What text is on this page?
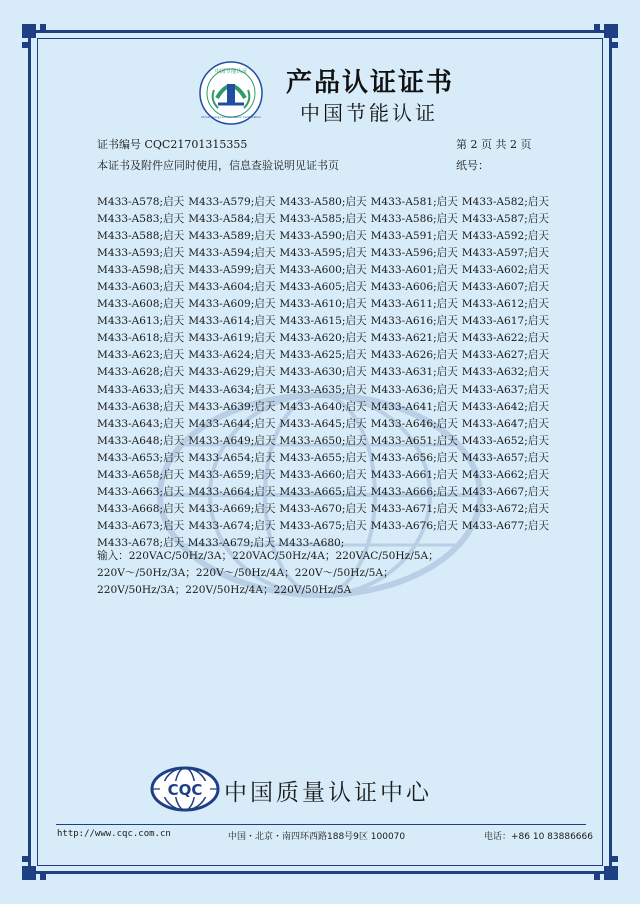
中国节能认证
China Energy Conservation Certification
产品认证证书
中国节能认证
证书编号 CQC21701315355	第 2 页 共 2 页
本证书及附件应同时使用，信息查验说明见证书页	纸号：
M433-A578;启天 M433-A579;启天 M433-A580;启天 M433-A581;启天 M433-A582;启天
M433-A583;启天 M433-A584;启天 M433-A585;启天 M433-A586;启天 M433-A587;启天
M433-A588;启天 M433-A589;启天 M433-A590;启天 M433-A591;启天 M433-A592;启天
M433-A593;启天 M433-A594;启天 M433-A595;启天 M433-A596;启天 M433-A597;启天
M433-A598;启天 M433-A599;启天 M433-A600;启天 M433-A601;启天 M433-A602;启天
M433-A603;启天 M433-A604;启天 M433-A605;启天 M433-A606;启天 M433-A607;启天
M433-A608;启天 M433-A609;启天 M433-A610;启天 M433-A611;启天 M433-A612;启天
M433-A613;启天 M433-A614;启天 M433-A615;启天 M433-A616;启天 M433-A617;启天
M433-A618;启天 M433-A619;启天 M433-A620;启天 M433-A621;启天 M433-A622;启天
M433-A623;启天 M433-A624;启天 M433-A625;启天 M433-A626;启天 M433-A627;启天
M433-A628;启天 M433-A629;启天 M433-A630;启天 M433-A631;启天 M433-A632;启天
M433-A633;启天 M433-A634;启天 M433-A635;启天 M433-A636;启天 M433-A637;启天
M433-A638;启天 M433-A639;启天 M433-A640;启天 M433-A641;启天 M433-A642;启天
M433-A643;启天 M433-A644;启天 M433-A645;启天 M433-A646;启天 M433-A647;启天
M433-A648;启天 M433-A649;启天 M433-A650;启天 M433-A651;启天 M433-A652;启天
M433-A653;启天 M433-A654;启天 M433-A655;启天 M433-A656;启天 M433-A657;启天
M433-A658;启天 M433-A659;启天 M433-A660;启天 M433-A661;启天 M433-A662;启天
M433-A663;启天 M433-A664;启天 M433-A665;启天 M433-A666;启天 M433-A667;启天
M433-A668;启天 M433-A669;启天 M433-A670;启天 M433-A671;启天 M433-A672;启天
M433-A673;启天 M433-A674;启天 M433-A675;启天 M433-A676;启天 M433-A677;启天
M433-A678;启天 M433-A679;启天 M433-A680;
输入：220VAC/50Hz/3A；220VAC/50Hz/4A；220VAC/50Hz/5A；
220V～/50Hz/3A；220V～/50Hz/4A；220V～/50Hz/5A；
220V/50Hz/3A；220V/50Hz/4A；220V/50Hz/5A
CQC 中国质量认证中心
http://www.cqc.com.cn	中国・北京・南四环西路188号9区 100070	电话：+86 10 83886666
